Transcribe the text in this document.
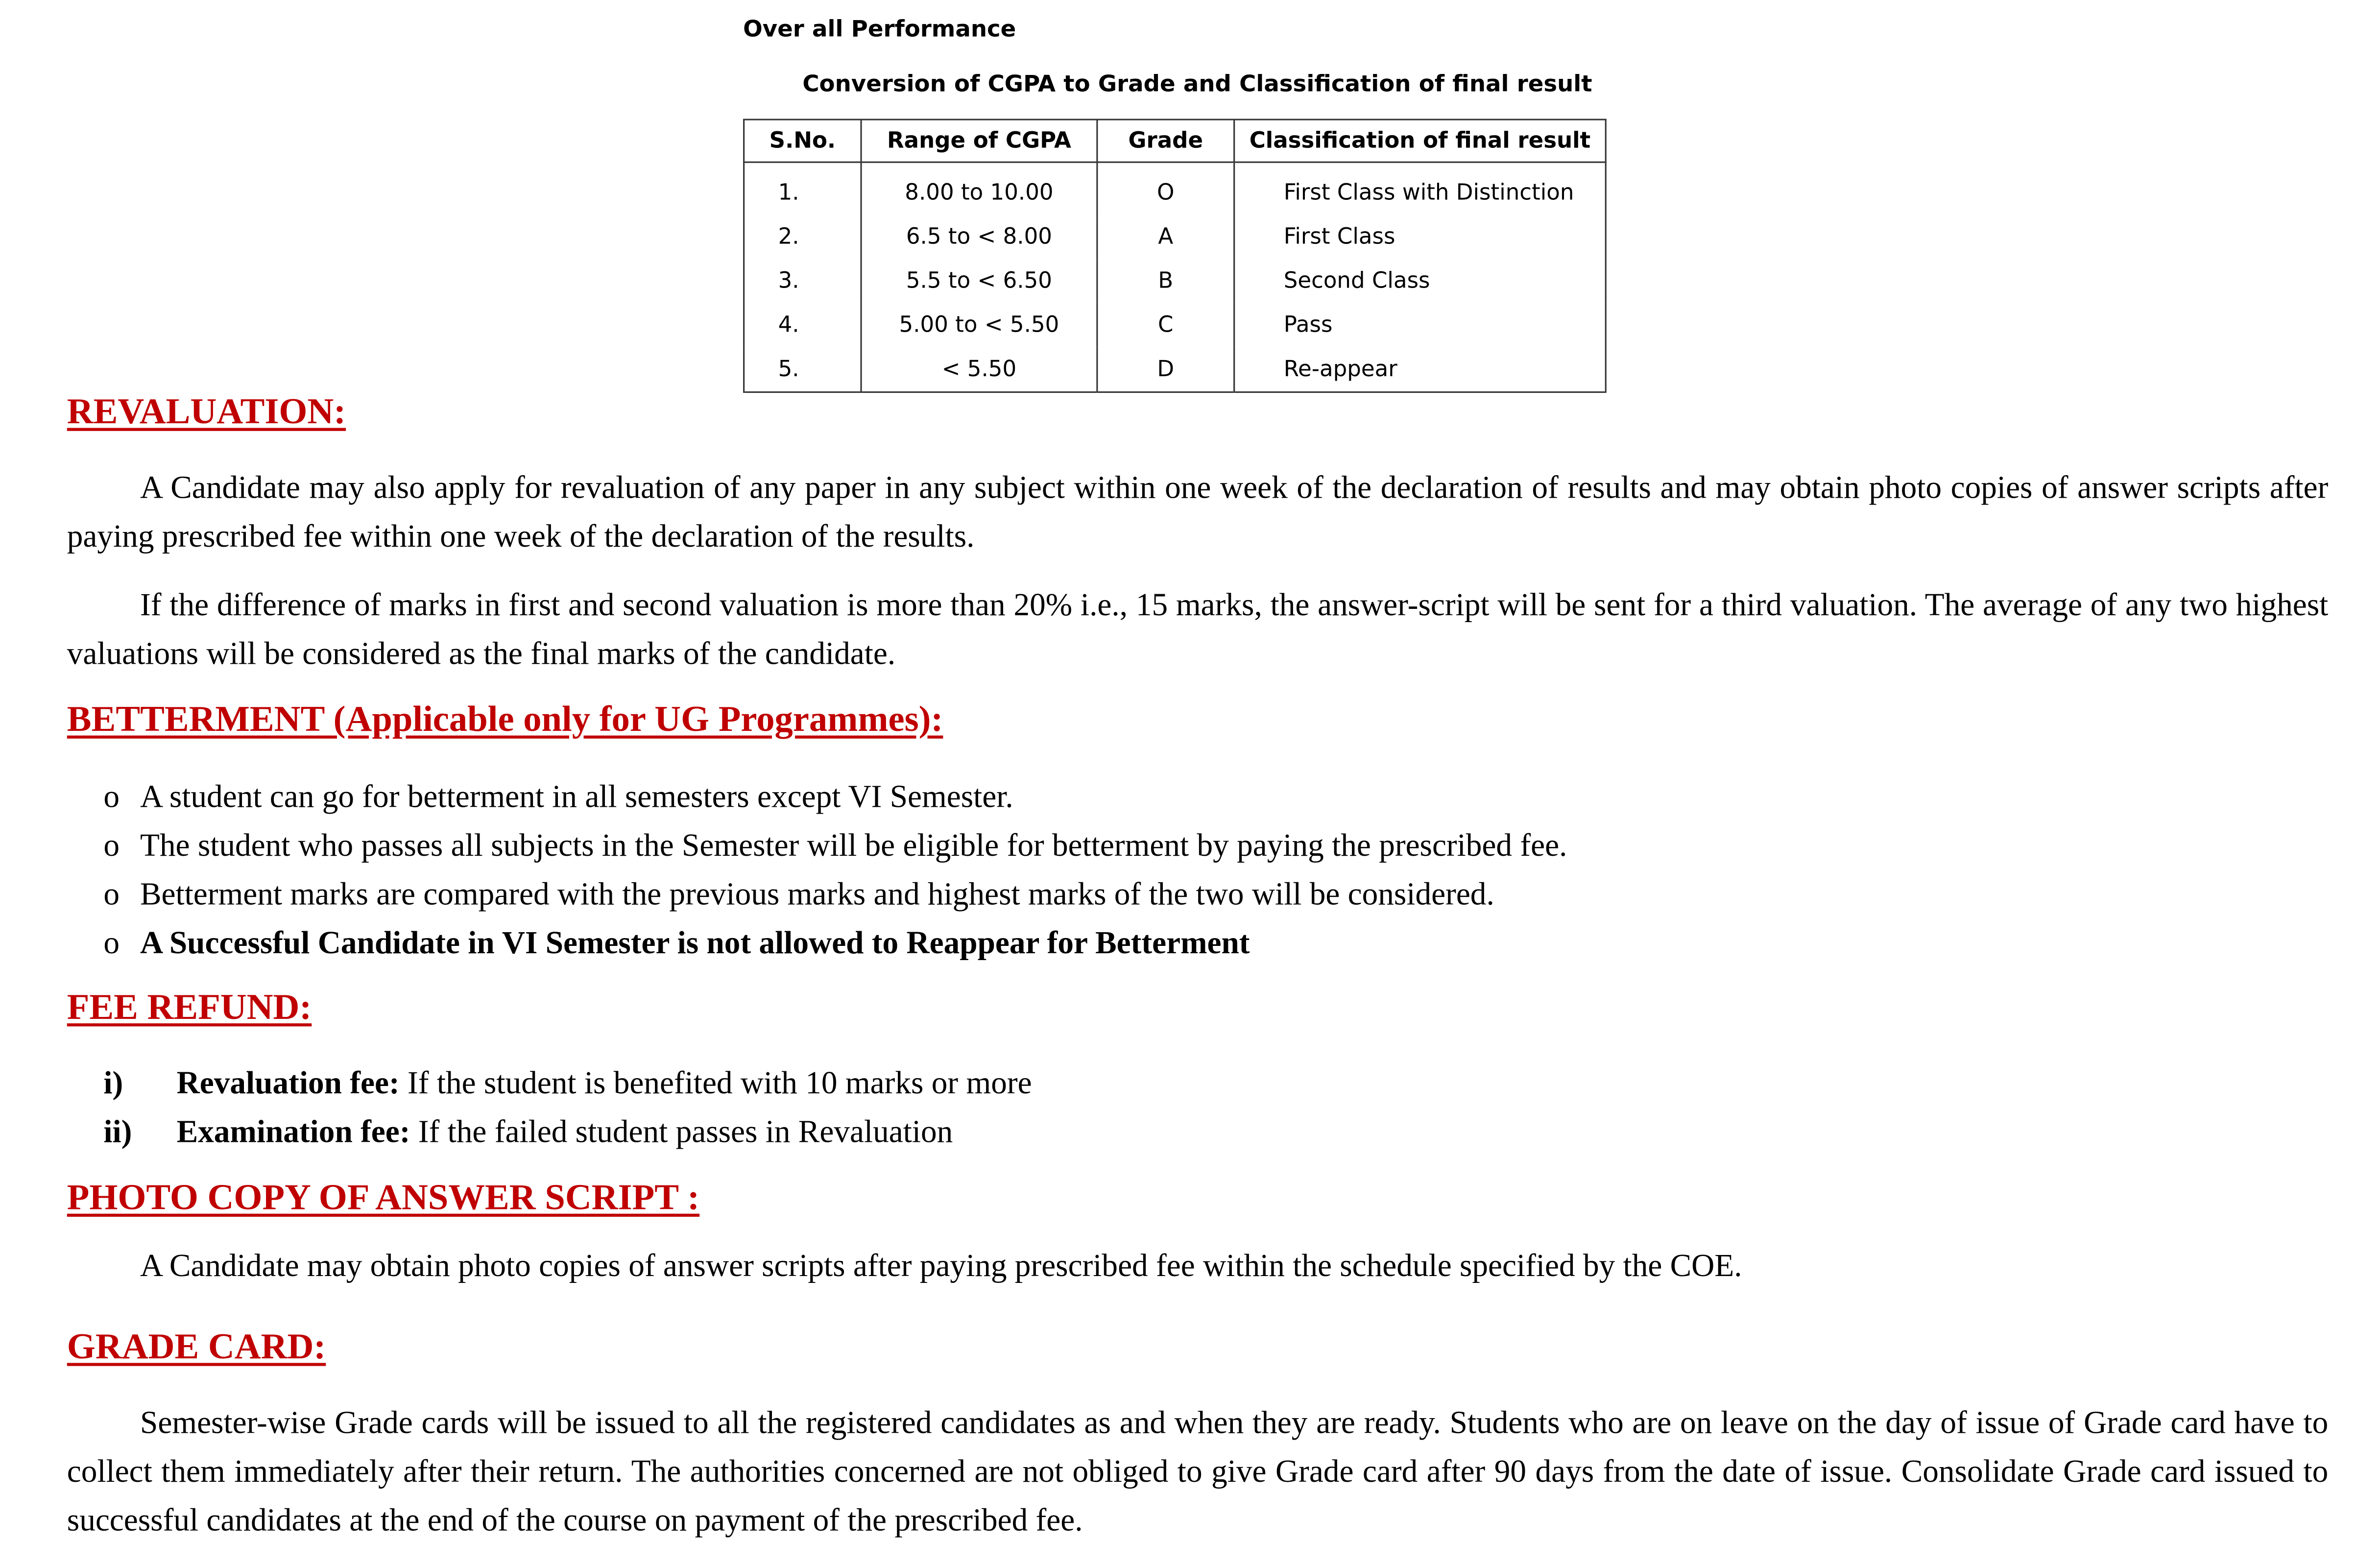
Over all Performance
Conversion of CGPA to Grade and Classification of final result
S.No.	Range of CGPA	Grade	Classification of final result
1.	8.00 to 10.00	O	First Class with Distinction
2.	6.5 to < 8.00	A	First Class
3.	5.5 to < 6.50	B	Second Class
4.	5.00 to < 5.50	C	Pass
5.	< 5.50	D	Re-appear
REVALUATION:

A Candidate may also apply for revaluation of any paper in any subject within one week of the declaration of results and may obtain photo copies of answer scripts after paying prescribed fee within one week of the declaration of the results.

If the difference of marks in first and second valuation is more than 20% i.e., 15 marks, the answer-script will be sent for a third valuation. The average of any two highest valuations will be considered as the final marks of the candidate.

BETTERMENT (Applicable only for UG Programmes):
o A student can go for betterment in all semesters except VI Semester.
o The student who passes all subjects in the Semester will be eligible for betterment by paying the prescribed fee.
o Betterment marks are compared with the previous marks and highest marks of the two will be considered.
o A Successful Candidate in VI Semester is not allowed to Reappear for Betterment
FEE REFUND:
i)	Revaluation fee: If the student is benefited with 10 marks or more
ii)	Examination fee: If the failed student passes in Revaluation
PHOTO COPY OF ANSWER SCRIPT :

A Candidate may obtain photo copies of answer scripts after paying prescribed fee within the schedule specified by the COE.

GRADE CARD:

Semester-wise Grade cards will be issued to all the registered candidates as and when they are ready. Students who are on leave on the day of issue of Grade card have to collect them immediately after their return. The authorities concerned are not obliged to give Grade card after 90 days from the date of issue. Consolidate Grade card issued to successful candidates at the end of the course on payment of the prescribed fee.
